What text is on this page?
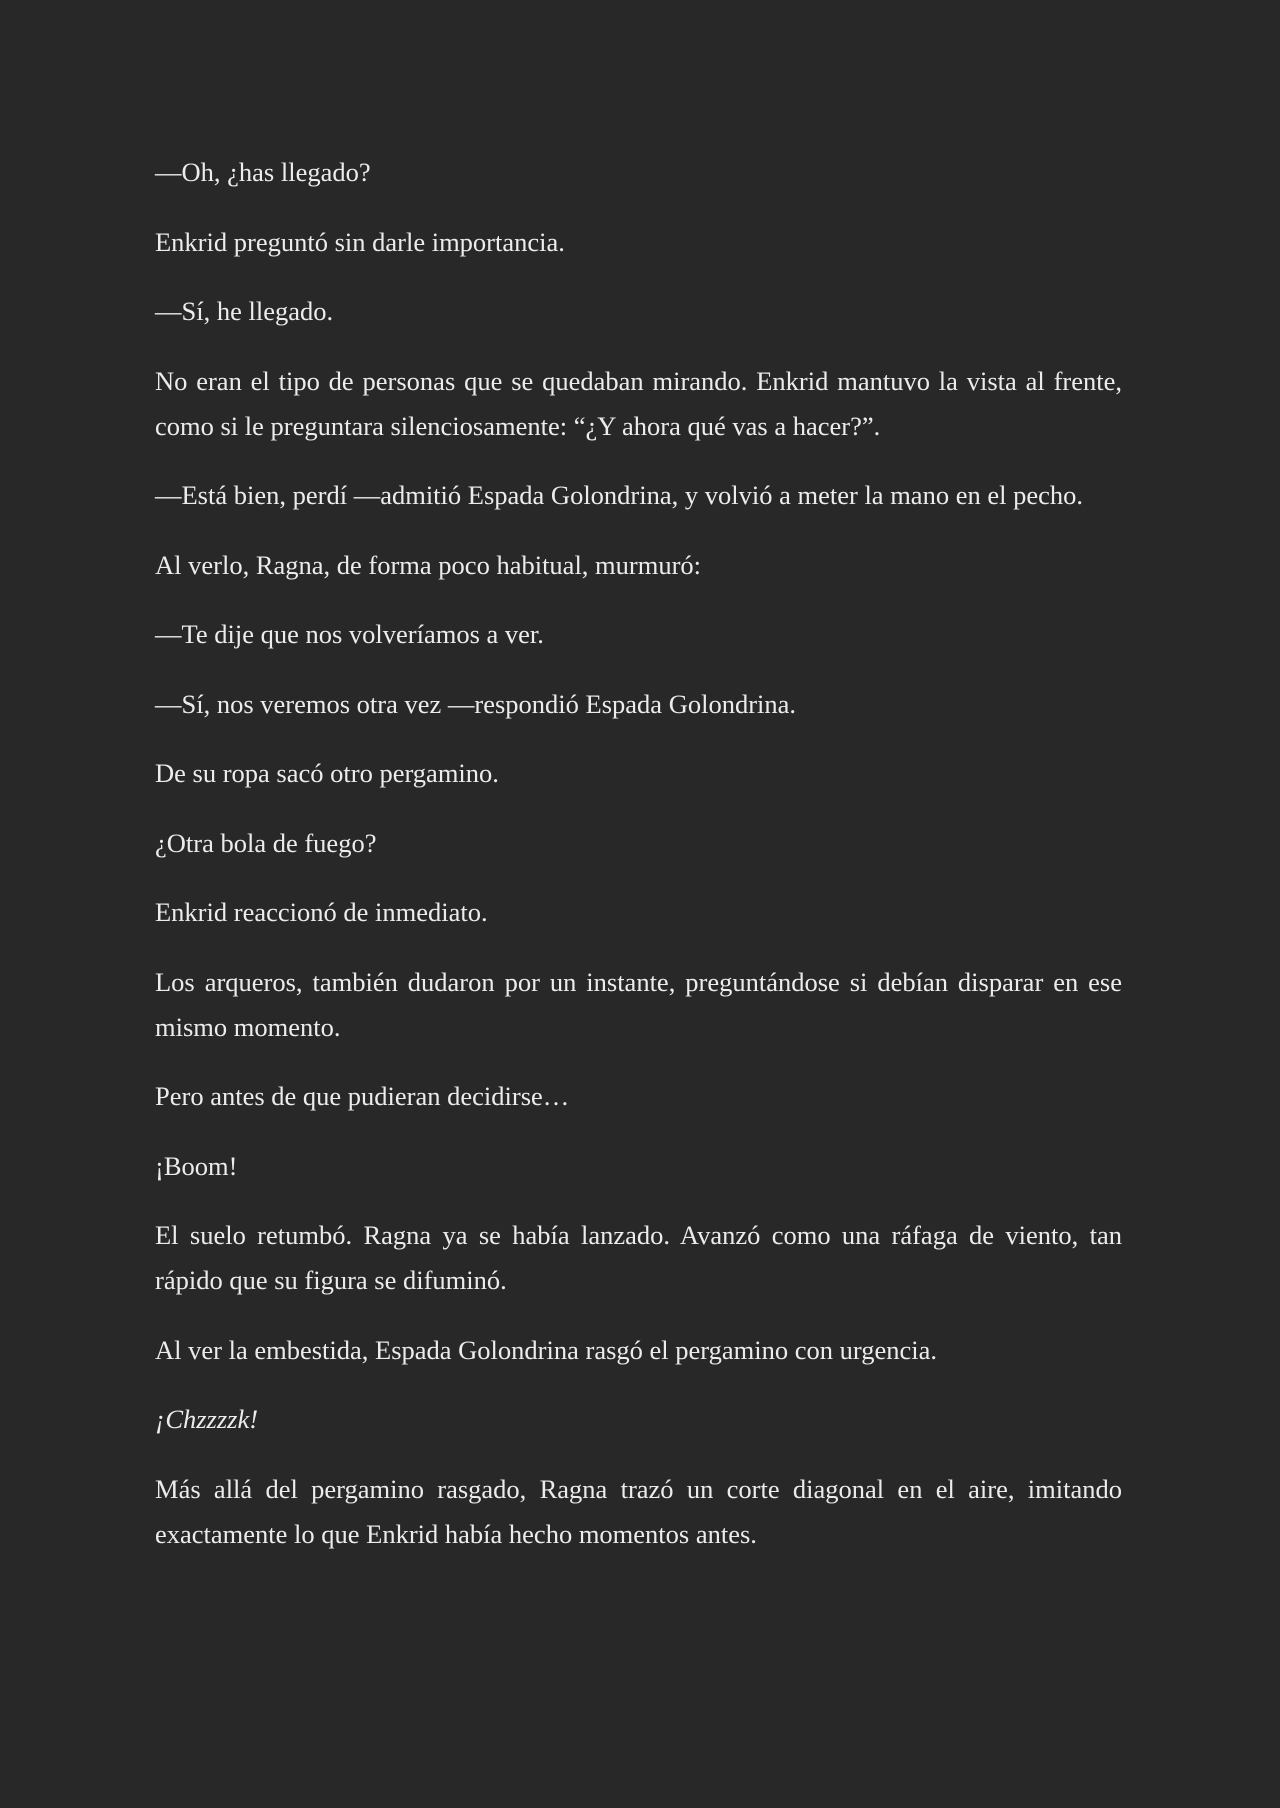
—Oh, ¿has llegado?

Enkrid preguntó sin darle importancia.

—Sí, he llegado.

No eran el tipo de personas que se quedaban mirando. Enkrid mantuvo la vista al frente, como si le preguntara silenciosamente: “¿Y ahora qué vas a hacer?”.

—Está bien, perdí —admitió Espada Golondrina, y volvió a meter la mano en el pecho.

Al verlo, Ragna, de forma poco habitual, murmuró:

—Te dije que nos volveríamos a ver.

—Sí, nos veremos otra vez —respondió Espada Golondrina.

De su ropa sacó otro pergamino.

¿Otra bola de fuego?

Enkrid reaccionó de inmediato.

Los arqueros, también dudaron por un instante, preguntándose si debían disparar en ese mismo momento.

Pero antes de que pudieran decidirse…

¡Boom!

El suelo retumbó. Ragna ya se había lanzado. Avanzó como una ráfaga de viento, tan rápido que su figura se difuminó.

Al ver la embestida, Espada Golondrina rasgó el pergamino con urgencia.

¡Chzzzzk!

Más allá del pergamino rasgado, Ragna trazó un corte diagonal en el aire, imitando exactamente lo que Enkrid había hecho momentos antes.
